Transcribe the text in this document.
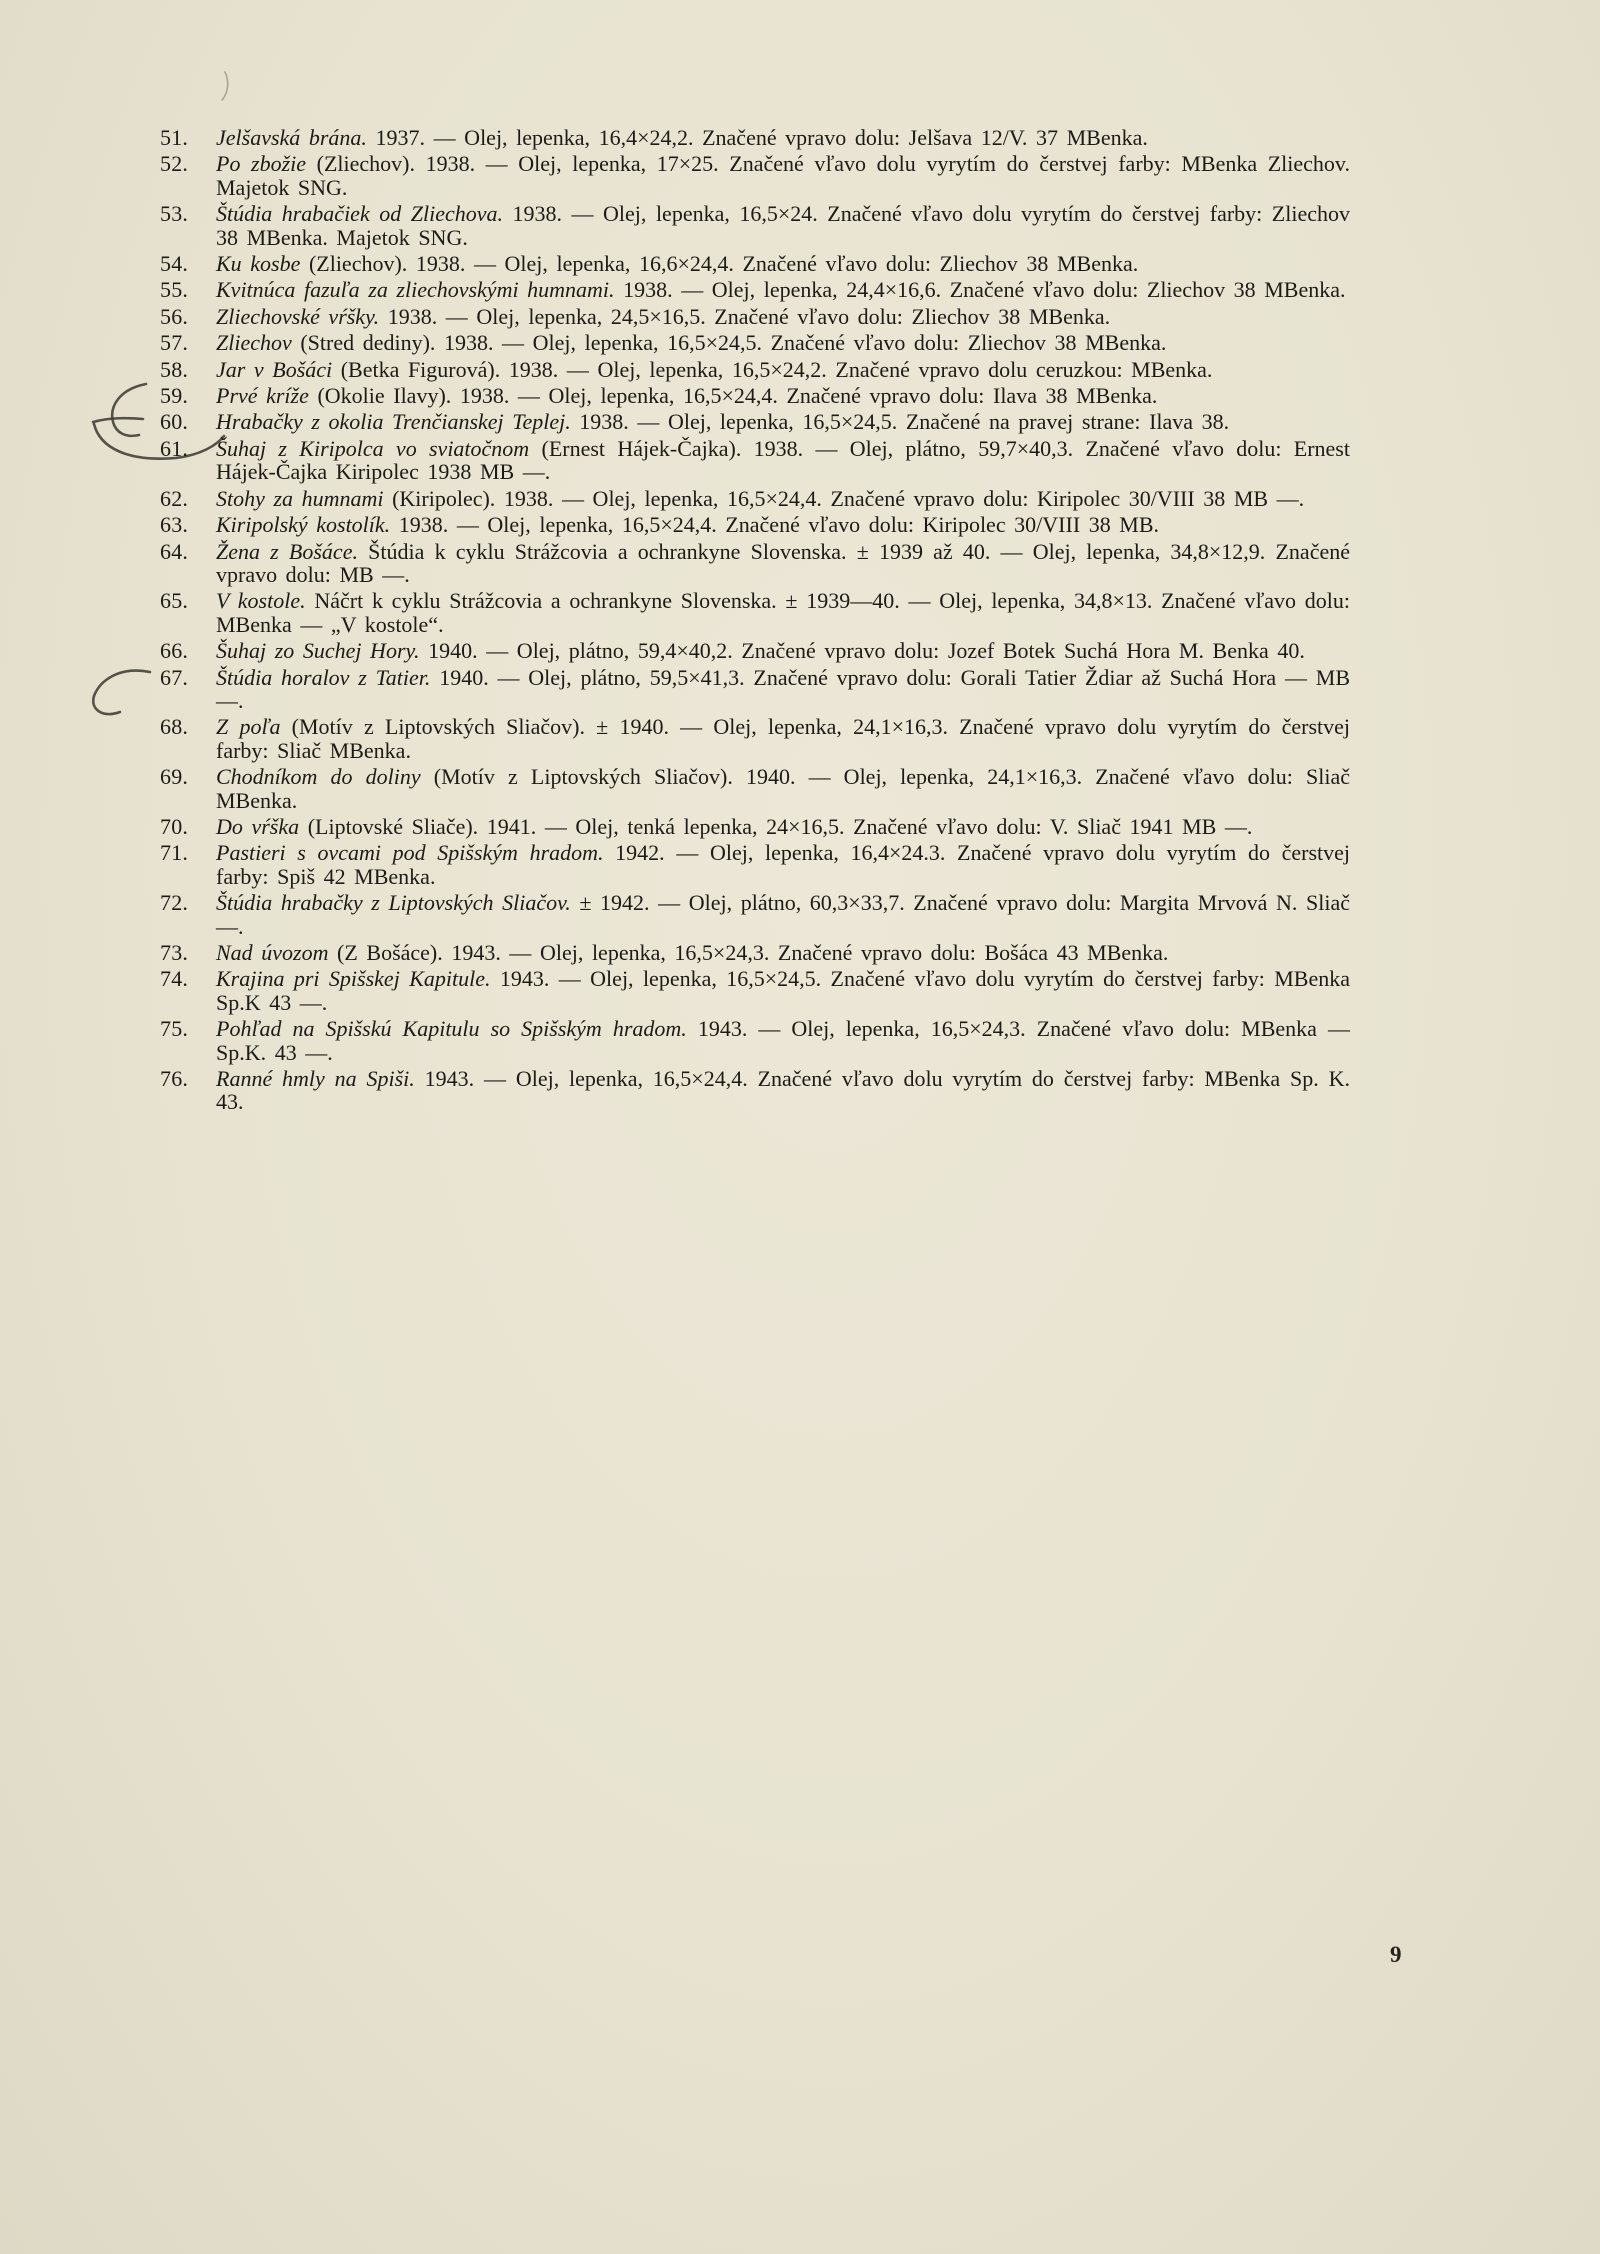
51. Jelšavská brána. 1937. — Olej, lepenka, 16,4×24,2. Značené vpravo dolu: Jelšava 12/V. 37 MBenka.
52. Po zbožie (Zliechov). 1938. — Olej, lepenka, 17×25. Značené vľavo dolu vyrytím do čerstvej farby: MBenka Zliechov. Majetok SNG.
53. Štúdia hrabačiek od Zliechova. 1938. — Olej, lepenka, 16,5×24. Značené vľavo dolu vyrytím do čerstvej farby: Zliechov 38 MBenka. Majetok SNG.
54. Ku kosbe (Zliechov). 1938. — Olej, lepenka, 16,6×24,4. Značené vľavo dolu: Zliechov 38 MBenka.
55. Kvitnúca fazuľa za zliechovskými humnami. 1938. — Olej, lepenka, 24,4×16,6. Značené vľavo dolu: Zliechov 38 MBenka.
56. Zliechovské vŕšky. 1938. — Olej, lepenka, 24,5×16,5. Značené vľavo dolu: Zliechov 38 MBenka.
57. Zliechov (Stred dediny). 1938. — Olej, lepenka, 16,5×24,5. Značené vľavo dolu: Zliechov 38 MBenka.
58. Jar v Bošáci (Betka Figurová). 1938. — Olej, lepenka, 16,5×24,2. Značené vpravo dolu ceruzkou: MBenka.
59. Prvé kríže (Okolie Ilavy). 1938. — Olej, lepenka, 16,5×24,4. Značené vpravo dolu: Ilava 38 MBenka.
60. Hrabačky z okolia Trenčianskej Teplej. 1938. — Olej, lepenka, 16,5×24,5. Značené na pravej strane: Ilava 38.
61. Šuhaj z Kiripolca vo sviatočnom (Ernest Hájek-Čajka). 1938. — Olej, plátno, 59,7×40,3. Značené vľavo dolu: Ernest Hájek-Čajka Kiripolec 1938 MB —.
62. Stohy za humnami (Kiripolec). 1938. — Olej, lepenka, 16,5×24,4. Značené vpravo dolu: Kiripolec 30/VIII 38 MB —.
63. Kiripolský kostolík. 1938. — Olej, lepenka, 16,5×24,4. Značené vľavo dolu: Kiripolec 30/VIII 38 MB.
64. Žena z Bošáce. Štúdia k cyklu Strážcovia a ochrankyne Slovenska. ± 1939 až 40. — Olej, lepenka, 34,8×12,9. Značené vpravo dolu: MB —.
65. V kostole. Náčrt k cyklu Strážcovia a ochrankyne Slovenska. ± 1939—40. — Olej, lepenka, 34,8×13. Značené vľavo dolu: MBenka — „V kostole“.
66. Šuhaj zo Suchej Hory. 1940. — Olej, plátno, 59,4×40,2. Značené vpravo dolu: Jozef Botek Suchá Hora M. Benka 40.
67. Štúdia horalov z Tatier. 1940. — Olej, plátno, 59,5×41,3. Značené vpravo dolu: Gorali Tatier Ždiar až Suchá Hora — MB —.
68. Z poľa (Motív z Liptovských Sliačov). ± 1940. — Olej, lepenka, 24,1×16,3. Značené vpravo dolu vyrytím do čerstvej farby: Sliač MBenka.
69. Chodníkom do doliny (Motív z Liptovských Sliačov). 1940. — Olej, lepenka, 24,1×16,3. Značené vľavo dolu: Sliač MBenka.
70. Do vŕška (Liptovské Sliače). 1941. — Olej, tenká lepenka, 24×16,5. Značené vľavo dolu: V. Sliač 1941 MB —.
71. Pastieri s ovcami pod Spišským hradom. 1942. — Olej, lepenka, 16,4×24.3. Značené vpravo dolu vyrytím do čerstvej farby: Spiš 42 MBenka.
72. Štúdia hrabačky z Liptovských Sliačov. ± 1942. — Olej, plátno, 60,3×33,7. Značené vpravo dolu: Margita Mrvová N. Sliač —.
73. Nad úvozom (Z Bošáce). 1943. — Olej, lepenka, 16,5×24,3. Značené vpravo dolu: Bošáca 43 MBenka.
74. Krajina pri Spišskej Kapitule. 1943. — Olej, lepenka, 16,5×24,5. Značené vľavo dolu vyrytím do čerstvej farby: MBenka Sp.K 43 —.
75. Pohľad na Spišskú Kapitulu so Spišským hradom. 1943. — Olej, lepenka, 16,5×24,3. Značené vľavo dolu: MBenka — Sp.K. 43 —.
76. Ranné hmly na Spiši. 1943. — Olej, lepenka, 16,5×24,4. Značené vľavo dolu vyrytím do čerstvej farby: MBenka Sp. K. 43.
9
